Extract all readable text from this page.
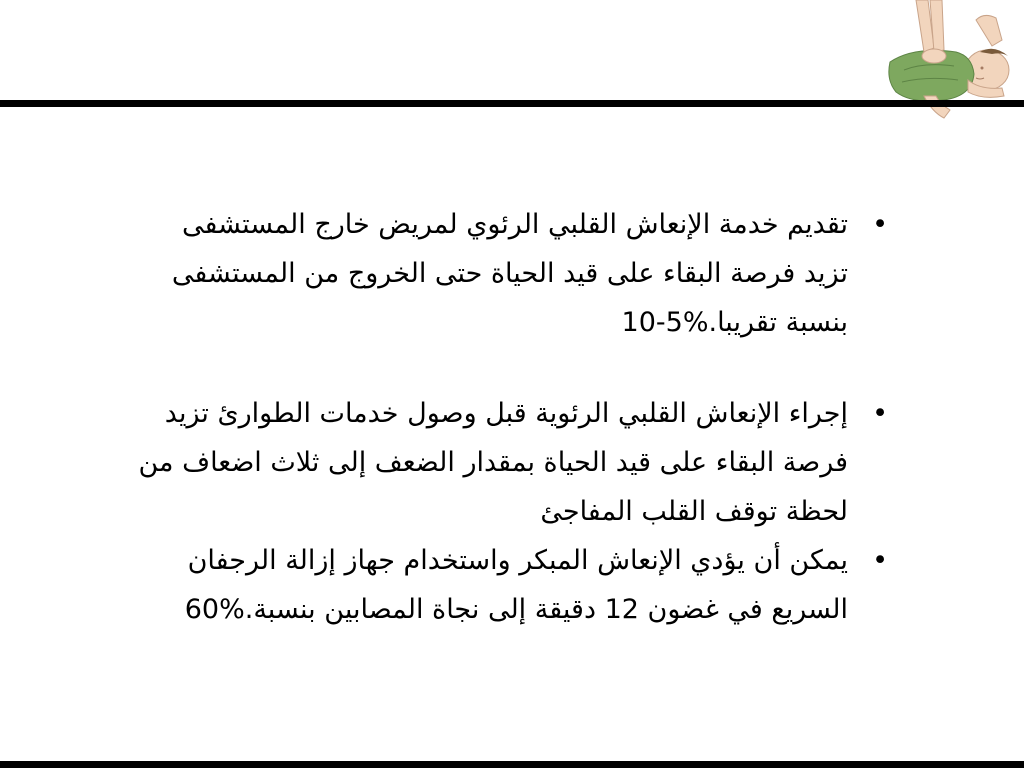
•
تقديم خدمة الإنعاش القلبي الرئوي لمريض خارج المستشفى تزيد فرصة البقاء على قيد الحياة حتى الخروج من المستشفى بنسبة تقريبا.%5-10
•
إجراء الإنعاش القلبي الرئوية قبل وصول خدمات الطوارئ تزيد فرصة البقاء على قيد الحياة بمقدار الضعف إلى ثلاث اضعاف من لحظة توقف القلب المفاجئ
•
يمكن أن يؤدي الإنعاش المبكر واستخدام جهاز إزالة الرجفان السريع في غضون 12 دقيقة إلى نجاة المصابين بنسبة.%60
